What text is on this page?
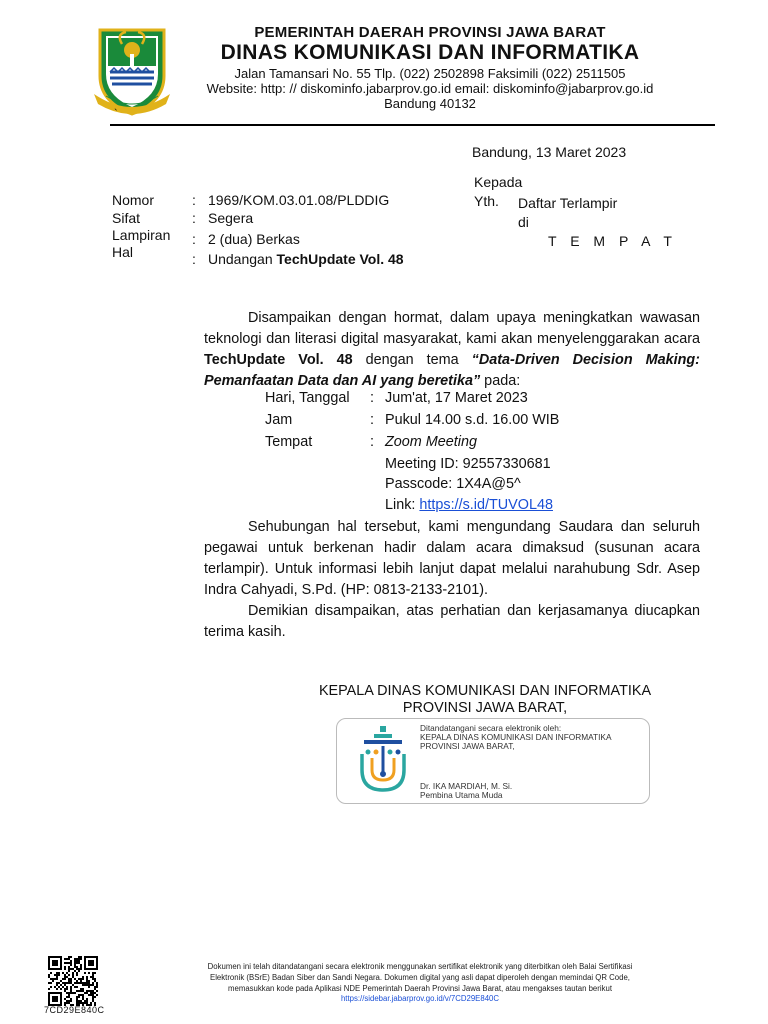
PEMERINTAH DAERAH PROVINSI JAWA BARAT
DINAS KOMUNIKASI DAN INFORMATIKA
Jalan Tamansari No. 55 Tlp. (022) 2502898 Faksimili (022) 2511505
Website: http: // diskominfo.jabarprov.go.id email: diskominfo@jabarprov.go.id
Bandung 40132
`
Bandung, 13 Maret 2023
Kepada
Yth. Daftar Terlampir
di
T E M P A T
Nomor	: 1969/KOM.03.01.08/PLDDIG
Sifat	: Segera
Lampiran : 2 (dua) Berkas
Hal	: Undangan TechUpdate Vol. 48
Disampaikan dengan hormat, dalam upaya meningkatkan wawasan teknologi dan literasi digital masyarakat, kami akan menyelenggarakan acara TechUpdate Vol. 48 dengan tema “Data-Driven Decision Making: Pemanfaatan Data dan AI yang beretika” pada:
Hari, Tanggal : Jum'at, 17 Maret 2023
Jam	: Pukul 14.00 s.d. 16.00 WIB
Tempat	: Zoom Meeting
Meeting ID: 92557330681
Passcode: 1X4A@5^
Link: https://s.id/TUVOL48
Sehubungan hal tersebut, kami mengundang Saudara dan seluruh pegawai untuk berkenan hadir dalam acara dimaksud (susunan acara terlampir). Untuk informasi lebih lanjut dapat melalui narahubung Sdr. Asep Indra Cahyadi, S.Pd. (HP: 0813-2133-2101).
Demikian disampaikan, atas perhatian dan kerjasamanya diucapkan terima kasih.
KEPALA DINAS KOMUNIKASI DAN INFORMATIKA
PROVINSI JAWA BARAT,
Ditandatangani secara elektronik oleh:
KEPALA DINAS KOMUNIKASI DAN INFORMATIKA
PROVINSI JAWA BARAT,
Dr. IKA MARDIAH, M. Si.
Pembina Utama Muda
7CD29E840C
Dokumen ini telah ditandatangani secara elektronik menggunakan sertifikat elektronik yang diterbitkan oleh Balai Sertifikasi
Elektronik (BSrE) Badan Siber dan Sandi Negara. Dokumen digital yang asli dapat diperoleh dengan memindai QR Code,
memasukkan kode pada Aplikasi NDE Pemerintah Daerah Provinsi Jawa Barat, atau mengakses tautan berikut
https://sidebar.jabarprov.go.id/v/7CD29E840C
